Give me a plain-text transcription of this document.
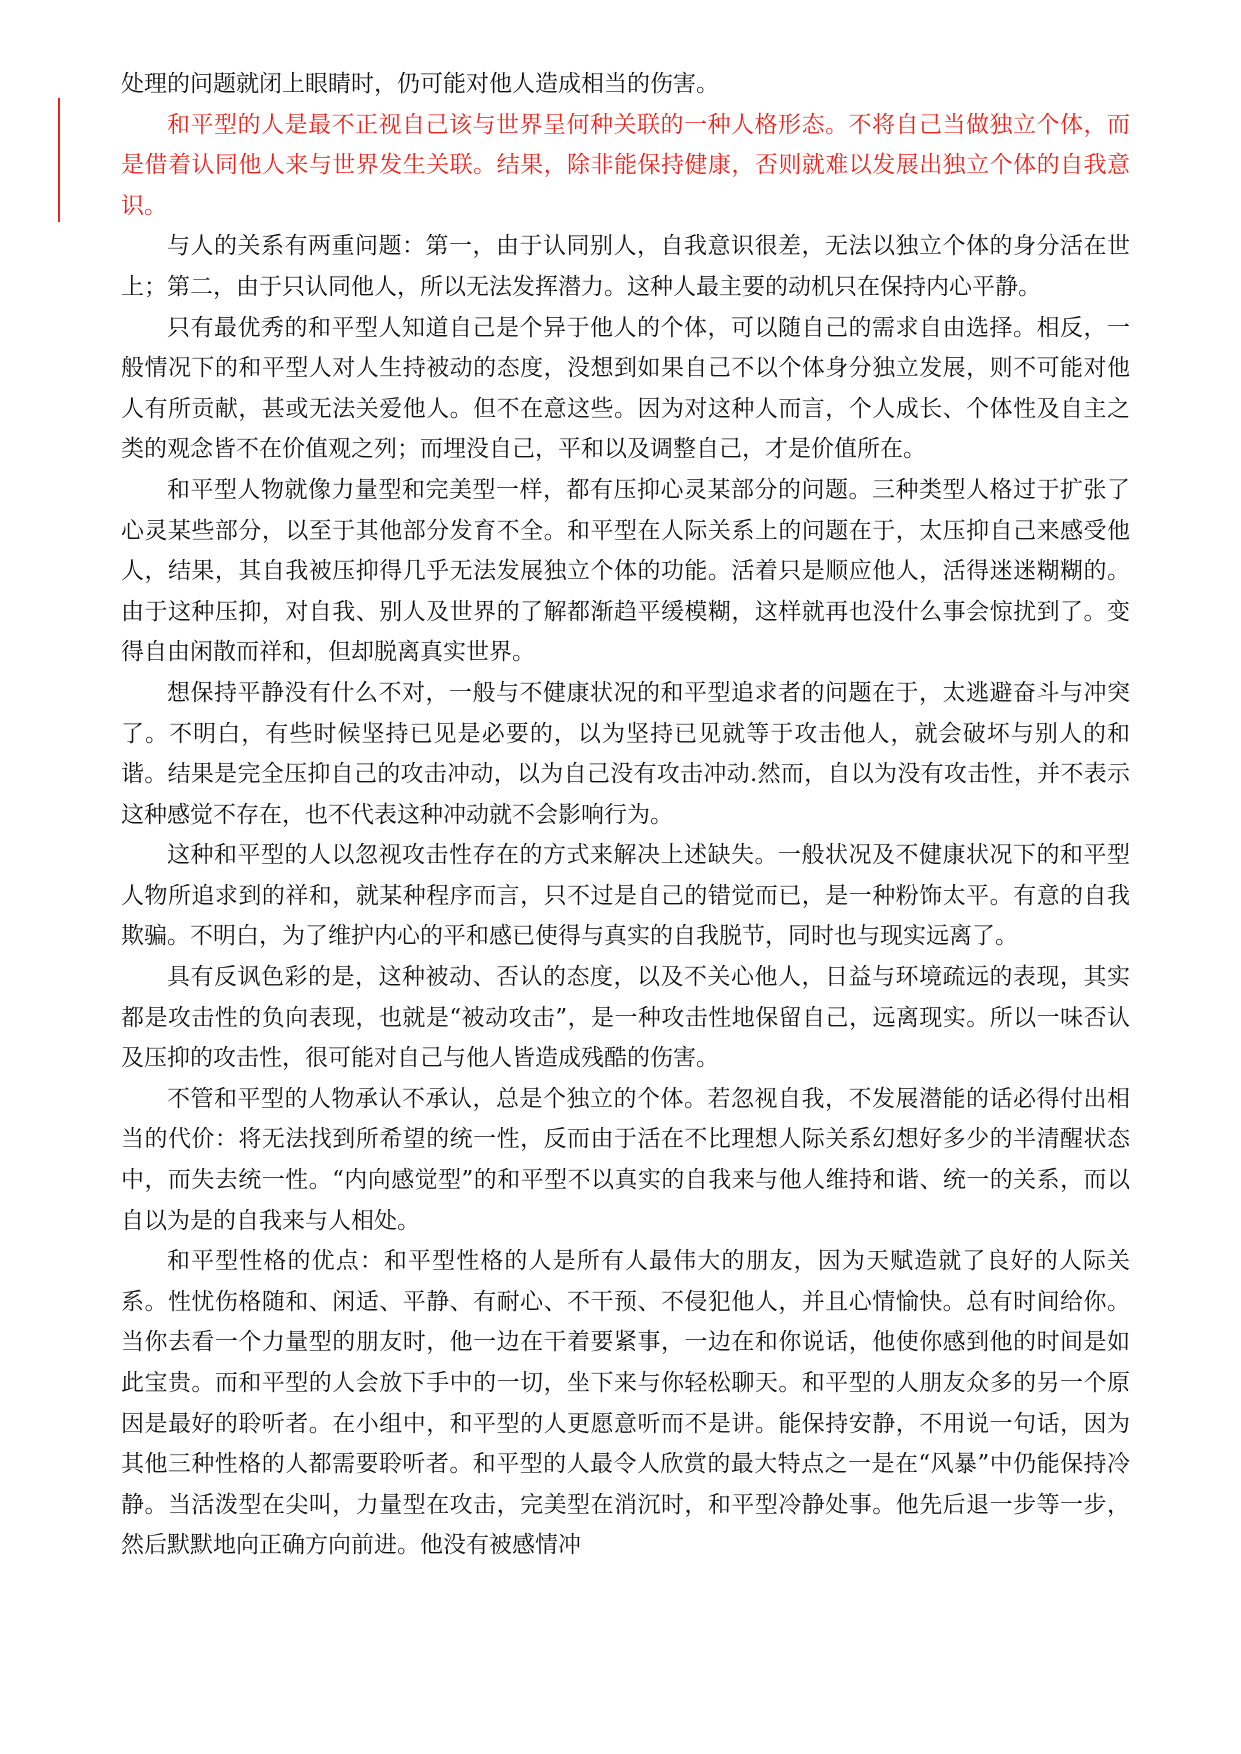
处理的问题就闭上眼睛时，仍可能对他人造成相当的伤害。

和平型的人是最不正视自己该与世界呈何种关联的一种人格形态。不将自己当做独立个体，而是借着认同他人来与世界发生关联。结果，除非能保持健康，否则就难以发展出独立个体的自我意识。

与人的关系有两重问题：第一，由于认同别人，自我意识很差，无法以独立个体的身分活在世上；第二，由于只认同他人，所以无法发挥潜力。这种人最主要的动机只在保持内心平静。

只有最优秀的和平型人知道自己是个异于他人的个体，可以随自己的需求自由选择。相反，一般情况下的和平型人对人生持被动的态度，没想到如果自己不以个体身分独立发展，则不可能对他人有所贡献，甚或无法关爱他人。但不在意这些。因为对这种人而言，个人成长、个体性及自主之类的观念皆不在价值观之列；而埋没自己，平和以及调整自己，才是价值所在。

和平型人物就像力量型和完美型一样，都有压抑心灵某部分的问题。三种类型人格过于扩张了心灵某些部分，以至于其他部分发育不全。和平型在人际关系上的问题在于，太压抑自己来感受他人，结果，其自我被压抑得几乎无法发展独立个体的功能。活着只是顺应他人，活得迷迷糊糊的。由于这种压抑，对自我、别人及世界的了解都渐趋平缓模糊，这样就再也没什么事会惊扰到了。变得自由闲散而祥和，但却脱离真实世界。

想保持平静没有什么不对，一般与不健康状况的和平型追求者的问题在于，太逃避奋斗与冲突了。不明白，有些时候坚持已见是必要的，以为坚持已见就等于攻击他人，就会破坏与别人的和谐。结果是完全压抑自己的攻击冲动，以为自己没有攻击冲动.然而，自以为没有攻击性，并不表示这种感觉不存在，也不代表这种冲动就不会影响行为。

这种和平型的人以忽视攻击性存在的方式来解决上述缺失。一般状况及不健康状况下的和平型人物所追求到的祥和，就某种程序而言，只不过是自己的错觉而已，是一种粉饰太平。有意的自我欺骗。不明白，为了维护内心的平和感已使得与真实的自我脱节，同时也与现实远离了。

具有反讽色彩的是，这种被动、否认的态度，以及不关心他人，日益与环境疏远的表现，其实都是攻击性的负向表现，也就是“被动攻击”，是一种攻击性地保留自己，远离现实。所以一味否认及压抑的攻击性，很可能对自己与他人皆造成残酷的伤害。

不管和平型的人物承认不承认，总是个独立的个体。若忽视自我，不发展潜能的话必得付出相当的代价：将无法找到所希望的统一性，反而由于活在不比理想人际关系幻想好多少的半清醒状态中，而失去统一性。“内向感觉型”的和平型不以真实的自我来与他人维持和谐、统一的关系，而以自以为是的自我来与人相处。

和平型性格的优点：和平型性格的人是所有人最伟大的朋友，因为天赋造就了良好的人际关系。性忧伤格随和、闲适、平静、有耐心、不干预、不侵犯他人，并且心情愉快。总有时间给你。当你去看一个力量型的朋友时，他一边在干着要紧事，一边在和你说话，他使你感到他的时间是如此宝贵。而和平型的人会放下手中的一切，坐下来与你轻松聊天。和平型的人朋友众多的另一个原因是最好的聆听者。在小组中，和平型的人更愿意听而不是讲。能保持安静，不用说一句话，因为其他三种性格的人都需要聆听者。和平型的人最令人欣赏的最大特点之一是在“风暴”中仍能保持冷静。当活泼型在尖叫，力量型在攻击，完美型在消沉时，和平型冷静处事。他先后退一步等一步，然后默默地向正确方向前进。他没有被感情冲
